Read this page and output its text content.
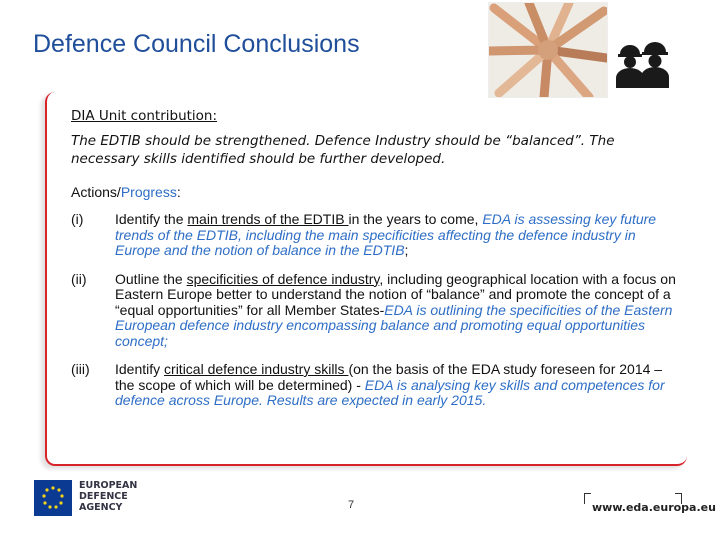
Defence Council Conclusions
DIA Unit contribution:
The EDTIB should be strengthened. Defence Industry should be “balanced”. The necessary skills identified should be further developed.
Actions/Progress:
(i)	Identify the main trends of the EDTIB in the years to come, EDA is assessing key future trends of the EDTIB, including the main specificities affecting the defence industry in Europe and the notion of balance in the EDTIB;
(ii)	Outline the specificities of defence industry, including geographical location with a focus on Eastern Europe better to understand the notion of “balance” and promote the concept of a “equal opportunities” for all Member States-EDA is outlining the specificities of the Eastern European defence industry encompassing balance and promoting equal opportunities concept;
(iii)	Identify critical defence industry skills (on the basis of the EDA study foreseen for 2014 – the scope of which will be determined) - EDA is analysing key skills and competences for defence across Europe. Results are expected in early 2015.
EUROPEAN
DEFENCE
AGENCY	7	www.eda.europa.eu
